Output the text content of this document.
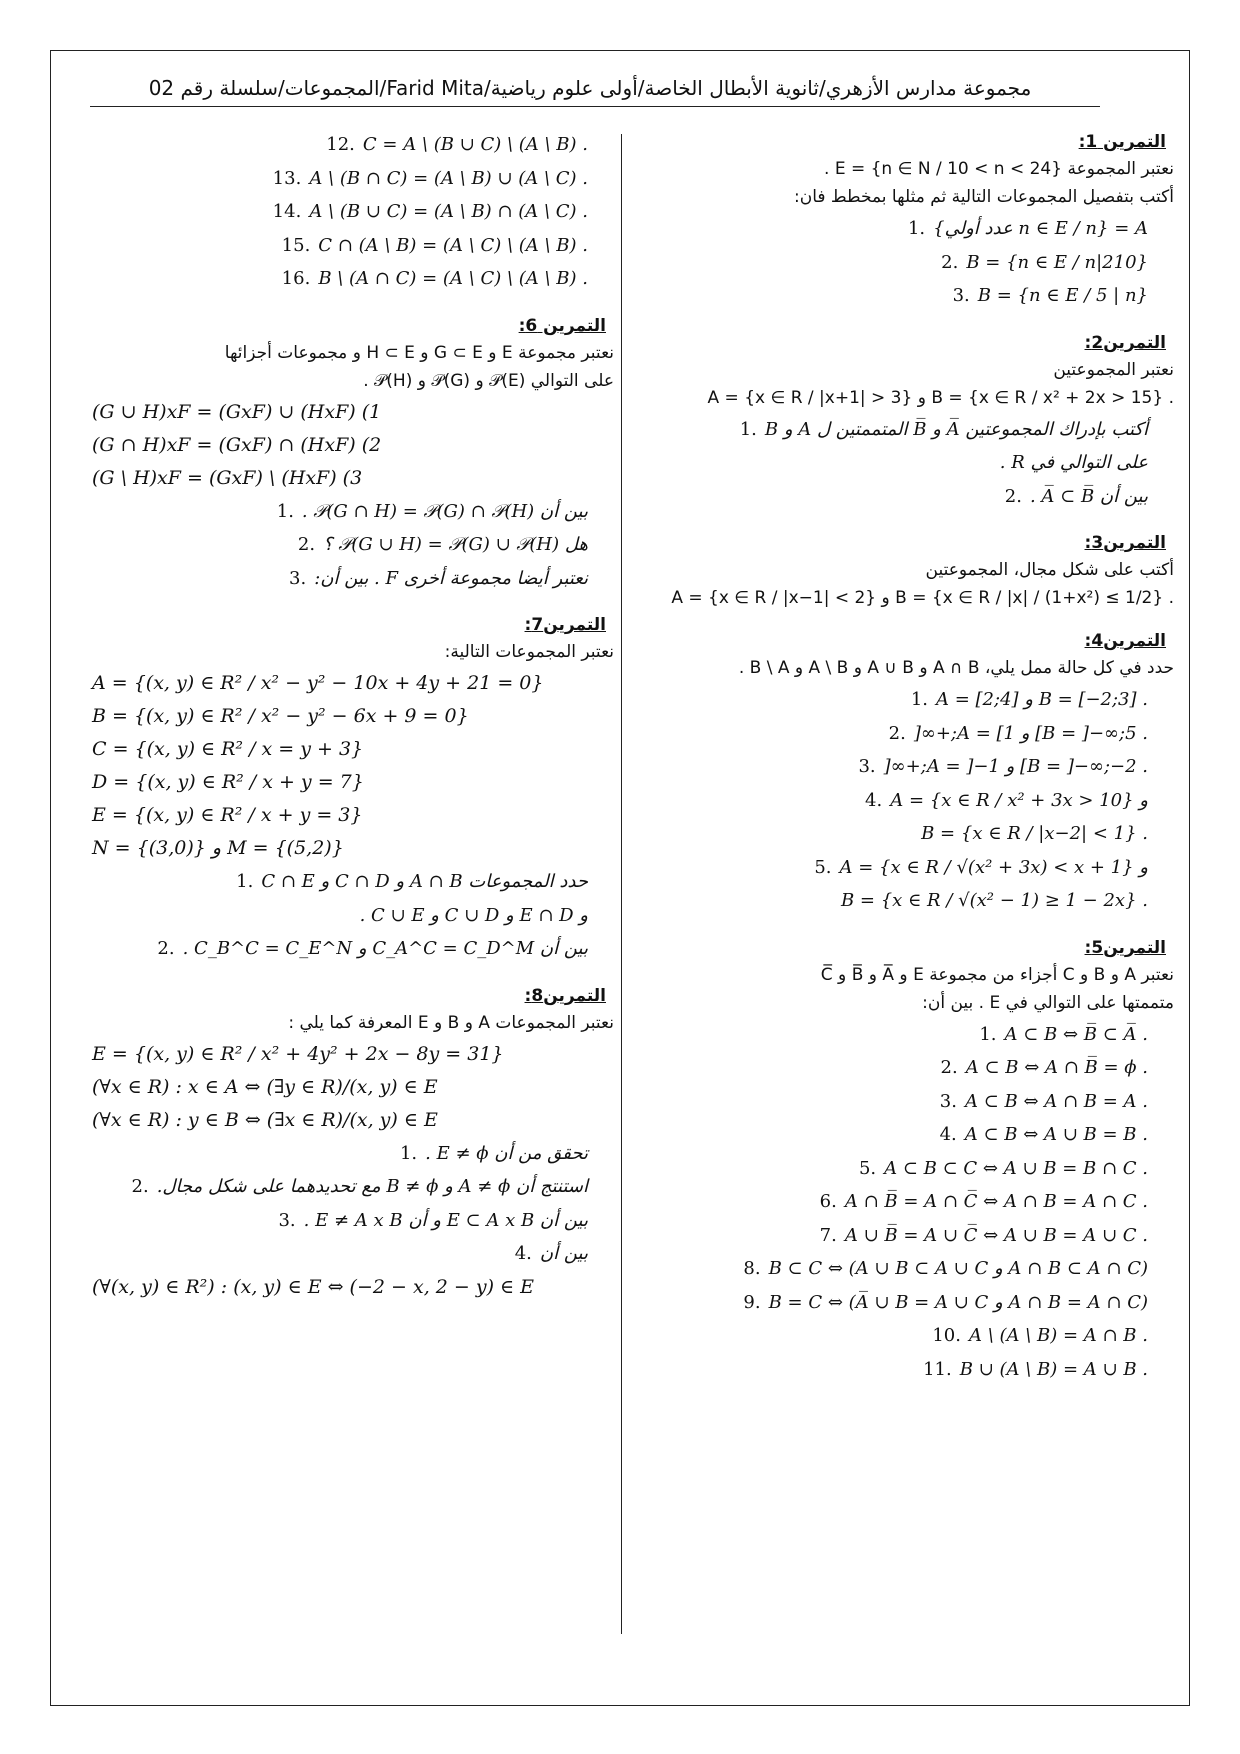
مجموعة مدارس الأزهري/ثانوية الأبطال الخاصة/أولى علوم رياضية/Farid Mita/المجموعات/سلسلة رقم 02
التمرين 1:
نعتبر المجموعة E = {n ∈ N / 10 < n < 24} .
أكتب بتفصيل المجموعات التالية ثم مثلها بمخطط فان:
.1 A = {n ∈ E / n عدد أولي}
.2 B = {n ∈ E / n|210}
.3 B = {n ∈ E / 5 | n}
التمرين2:
نعتبر المجموعتين
. B = {x ∈ R / x² + 2x > 15} و A = {x ∈ R / |x+1| > 3}
.1 أكتب بإدراك المجموعتين A̅ و B̅ المتممتين ل A و B
على التوالي في R .
.2 بين أن A̅ ⊂ B̅ .
التمرين3:
أكتب على شكل مجال، المجموعتين
. B = {x ∈ R / |x| / (1+x²) ≤ 1/2} و A = {x ∈ R / |x−1| < 2}
التمرين4:
حدد في كل حالة ممل يلي، A ∩ B و A ∪ B و A \ B و B \ A .
.1 . B = [−2;3] و A = [2;4]
.2 . B = ]−∞;5] و A = [1;+∞[
.3 . B = ]−∞;−2] و A = ]−1;+∞[
.4 و A = {x ∈ R / x² + 3x > 10}
. B = {x ∈ R / |x−2| < 1}
.5 و A = {x ∈ R / √(x² + 3x) < x + 1}
. B = {x ∈ R / √(x² − 1) ≥ 1 − 2x}
التمرين5:
نعتبر A و B و C أجزاء من مجموعة E و A̅ و B̅ و C̅
متممتها على التوالي في E . بين أن:
.1 . A ⊂ B ⇔ B̅ ⊂ A̅
.2 . A ⊂ B ⇔ A ∩ B̅ = ϕ
.3 . A ⊂ B ⇔ A ∩ B = A
.4 . A ⊂ B ⇔ A ∪ B = B
.5 . A ⊂ B ⊂ C ⇔ A ∪ B = B ∩ C
.6 . A ∩ B̅ = A ∩ C̅ ⇔ A ∩ B = A ∩ C
.7 . A ∪ B̅ = A ∪ C̅ ⇔ A ∪ B = A ∪ C
.8 (A ∩ B ⊂ A ∩ C و A ∪ B ⊂ A ∪ C) ⇔ B ⊂ C
.9 (A ∩ B = A ∩ C و A̅ ∪ B = A ∪ C) ⇔ B = C
.10 . A \ (A \ B) = A ∩ B
.11 . B ∪ (A \ B) = A ∪ B
.12 . (A \ B) \ C = A \ (B ∪ C)
.13 . A \ (B ∩ C) = (A \ B) ∪ (A \ C)
.14 . A \ (B ∪ C) = (A \ B) ∩ (A \ C)
.15 . (A \ B) \ (A \ C) = (A \ B) ∩ C
.16 . (A \ B) \ (A \ C) = (A ∩ C) \ B
التمرين 6:
نعتبر مجموعة E و G ⊂ E و H ⊂ E و مجموعات أجزائها
على التوالي 𝒫(E) و 𝒫(G) و 𝒫(H) .
(G ∪ H)xF = (GxF) ∪ (HxF) (1
(G ∩ H)xF = (GxF) ∩ (HxF) (2
(G \ H)xF = (GxF) \ (HxF) (3
.1 بين أن 𝒫(G ∩ H) = 𝒫(G) ∩ 𝒫(H) .
.2 هل 𝒫(G ∪ H) = 𝒫(G) ∪ 𝒫(H) ؟
.3 نعتبر أيضا مجموعة أخرى F . بين أن:
التمرين7:
نعتبر المجموعات التالية:
A = {(x, y) ∈ R² / x² − y² − 10x + 4y + 21 = 0}
B = {(x, y) ∈ R² / x² − y² − 6x + 9 = 0}
C = {(x, y) ∈ R² / x = y + 3}
D = {(x, y) ∈ R² / x + y = 7}
E = {(x, y) ∈ R² / x + y = 3}
N = {(3,0)} و M = {(5,2)}
.1 حدد المجموعات A ∩ B و C ∩ D و C ∩ E
و E ∩ D و C ∪ D و C ∪ E .
.2 بين أن C_A^C = C_D^M و C_B^C = C_E^N .
التمرين8:
نعتبر المجموعات A و B و E المعرفة كما يلي :
E = {(x, y) ∈ R² / x² + 4y² + 2x − 8y = 31}
(∀x ∈ R) : x ∈ A ⇔ (∃y ∈ R)/(x, y) ∈ E
(∀x ∈ R) : y ∈ B ⇔ (∃x ∈ R)/(x, y) ∈ E
.1 تحقق من أن E ≠ ϕ .
.2 استنتج أن A ≠ ϕ و B ≠ ϕ مع تحديدهما على شكل مجال.
.3 بين أن E ⊂ A x B و أن E ≠ A x B .
.4 بين أن
(∀(x, y) ∈ R²) : (x, y) ∈ E ⇔ (−2 − x, 2 − y) ∈ E
